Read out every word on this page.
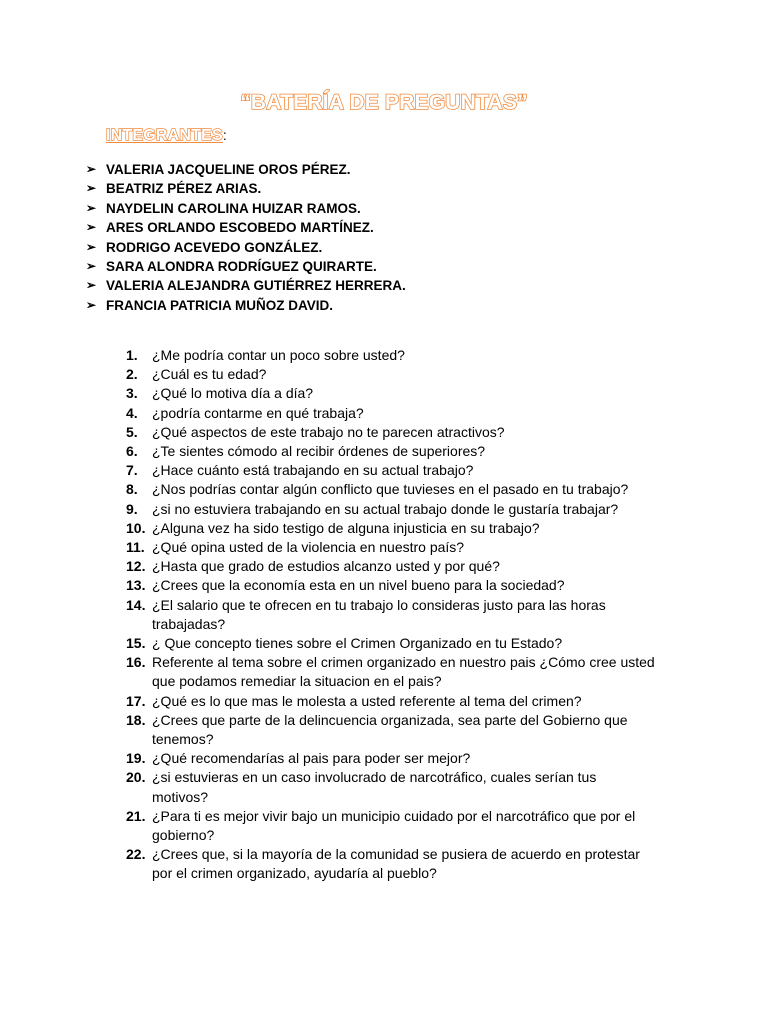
“BATERÍA DE PREGUNTAS”
INTEGRANTES:
➢ VALERIA JACQUELINE OROS PÉREZ.
➢ BEATRIZ PÉREZ ARIAS.
➢ NAYDELIN CAROLINA HUIZAR RAMOS.
➢ ARES ORLANDO ESCOBEDO MARTÍNEZ.
➢ RODRIGO ACEVEDO GONZÁLEZ.
➢ SARA ALONDRA RODRÍGUEZ QUIRARTE.
➢ VALERIA ALEJANDRA GUTIÉRREZ HERRERA.
➢ FRANCIA PATRICIA MUÑOZ DAVID.
1.	¿Me podría contar un poco sobre usted?
2.	¿Cuál es tu edad?
3.	¿Qué lo motiva día a día?
4.	¿podría contarme en qué trabaja?
5.	¿Qué aspectos de este trabajo no te parecen atractivos?
6.	¿Te sientes cómodo al recibir órdenes de superiores?
7.	¿Hace cuánto está trabajando en su actual trabajo?
8.	¿Nos podrías contar algún conflicto que tuvieses en el pasado en tu trabajo?
9.	¿si no estuviera trabajando en su actual trabajo donde le gustaría trabajar?
10. ¿Alguna vez ha sido testigo de alguna injusticia en su trabajo?
11. ¿Qué opina usted de la violencia en nuestro país?
12. ¿Hasta que grado de estudios alcanzo usted y por qué?
13. ¿Crees que la economía esta en un nivel bueno para la sociedad?
14. ¿El salario que te ofrecen en tu trabajo lo consideras justo para las horas trabajadas?
15. ¿ Que concepto tienes sobre el Crimen Organizado en tu Estado?
16. Referente al tema sobre el crimen organizado en nuestro pais ¿Cómo cree usted que podamos remediar la situacion en el pais?
17. ¿Qué es lo que mas le molesta a usted referente al tema del crimen?
18. ¿Crees que parte de la delincuencia organizada, sea parte del Gobierno que tenemos?
19. ¿Qué recomendarías al pais para poder ser mejor?
20. ¿si estuvieras en un caso involucrado de narcotráfico, cuales serían tus motivos?
21. ¿Para ti es mejor vivir bajo un municipio cuidado por el narcotráfico que por el gobierno?
22. ¿Crees que, si la mayoría de la comunidad se pusiera de acuerdo en protestar por el crimen organizado, ayudaría al pueblo?
